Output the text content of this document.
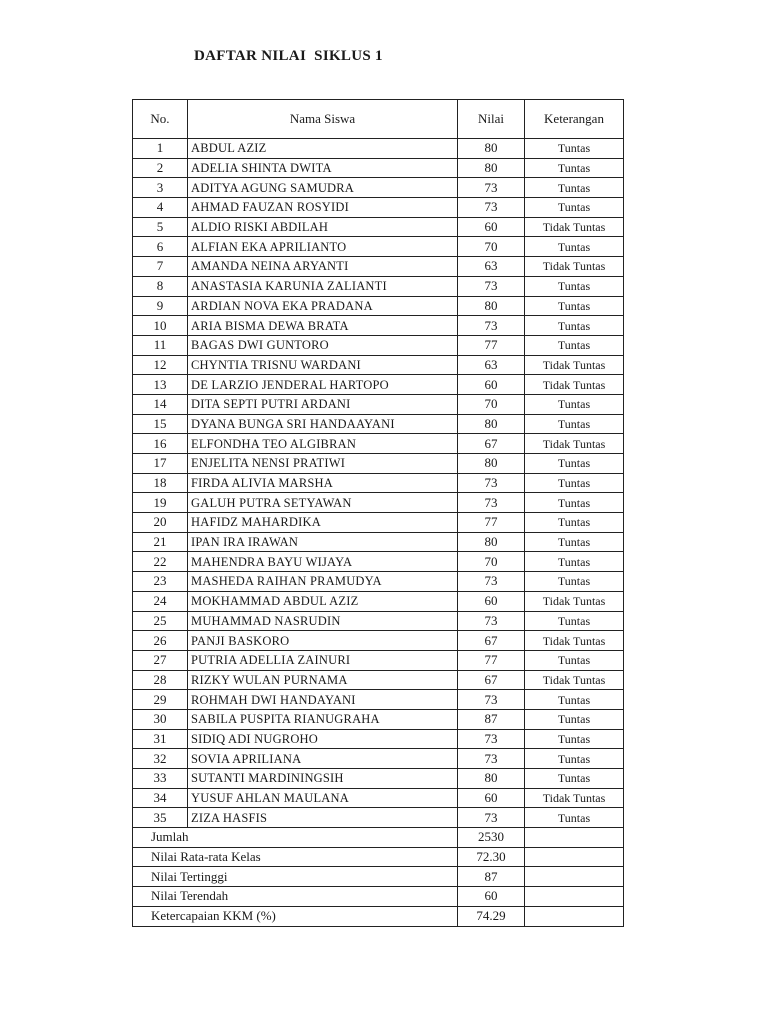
DAFTAR NILAI  SIKLUS 1
No.	Nama Siswa	Nilai	Keterangan
1	ABDUL AZIZ	80	Tuntas
2	ADELIA SHINTA DWITA	80	Tuntas
3	ADITYA AGUNG SAMUDRA	73	Tuntas
4	AHMAD FAUZAN ROSYIDI	73	Tuntas
5	ALDIO RISKI ABDILAH	60	Tidak Tuntas
6	ALFIAN EKA APRILIANTO	70	Tuntas
7	AMANDA NEINA ARYANTI	63	Tidak Tuntas
8	ANASTASIA KARUNIA ZALIANTI	73	Tuntas
9	ARDIAN NOVA EKA PRADANA	80	Tuntas
10	ARIA BISMA DEWA BRATA	73	Tuntas
11	BAGAS DWI GUNTORO	77	Tuntas
12	CHYNTIA TRISNU WARDANI	63	Tidak Tuntas
13	DE LARZIO JENDERAL HARTOPO	60	Tidak Tuntas
14	DITA SEPTI PUTRI ARDANI	70	Tuntas
15	DYANA BUNGA SRI HANDAAYANI	80	Tuntas
16	ELFONDHA TEO ALGIBRAN	67	Tidak Tuntas
17	ENJELITA NENSI PRATIWI	80	Tuntas
18	FIRDA ALIVIA MARSHA	73	Tuntas
19	GALUH PUTRA SETYAWAN	73	Tuntas
20	HAFIDZ MAHARDIKA	77	Tuntas
21	IPAN IRA IRAWAN	80	Tuntas
22	MAHENDRA BAYU WIJAYA	70	Tuntas
23	MASHEDA RAIHAN PRAMUDYA	73	Tuntas
24	MOKHAMMAD ABDUL AZIZ	60	Tidak Tuntas
25	MUHAMMAD NASRUDIN	73	Tuntas
26	PANJI BASKORO	67	Tidak Tuntas
27	PUTRIA ADELLIA ZAINURI	77	Tuntas
28	RIZKY WULAN PURNAMA	67	Tidak Tuntas
29	ROHMAH DWI HANDAYANI	73	Tuntas
30	SABILA PUSPITA RIANUGRAHA	87	Tuntas
31	SIDIQ ADI NUGROHO	73	Tuntas
32	SOVIA APRILIANA	73	Tuntas
33	SUTANTI MARDININGSIH	80	Tuntas
34	YUSUF AHLAN MAULANA	60	Tidak Tuntas
35	ZIZA HASFIS	73	Tuntas
Jumlah		2530	
Nilai Rata-rata Kelas		72.30	
Nilai Tertinggi		87	
Nilai Terendah		60	
Ketercapaian KKM (%)		74.29	
